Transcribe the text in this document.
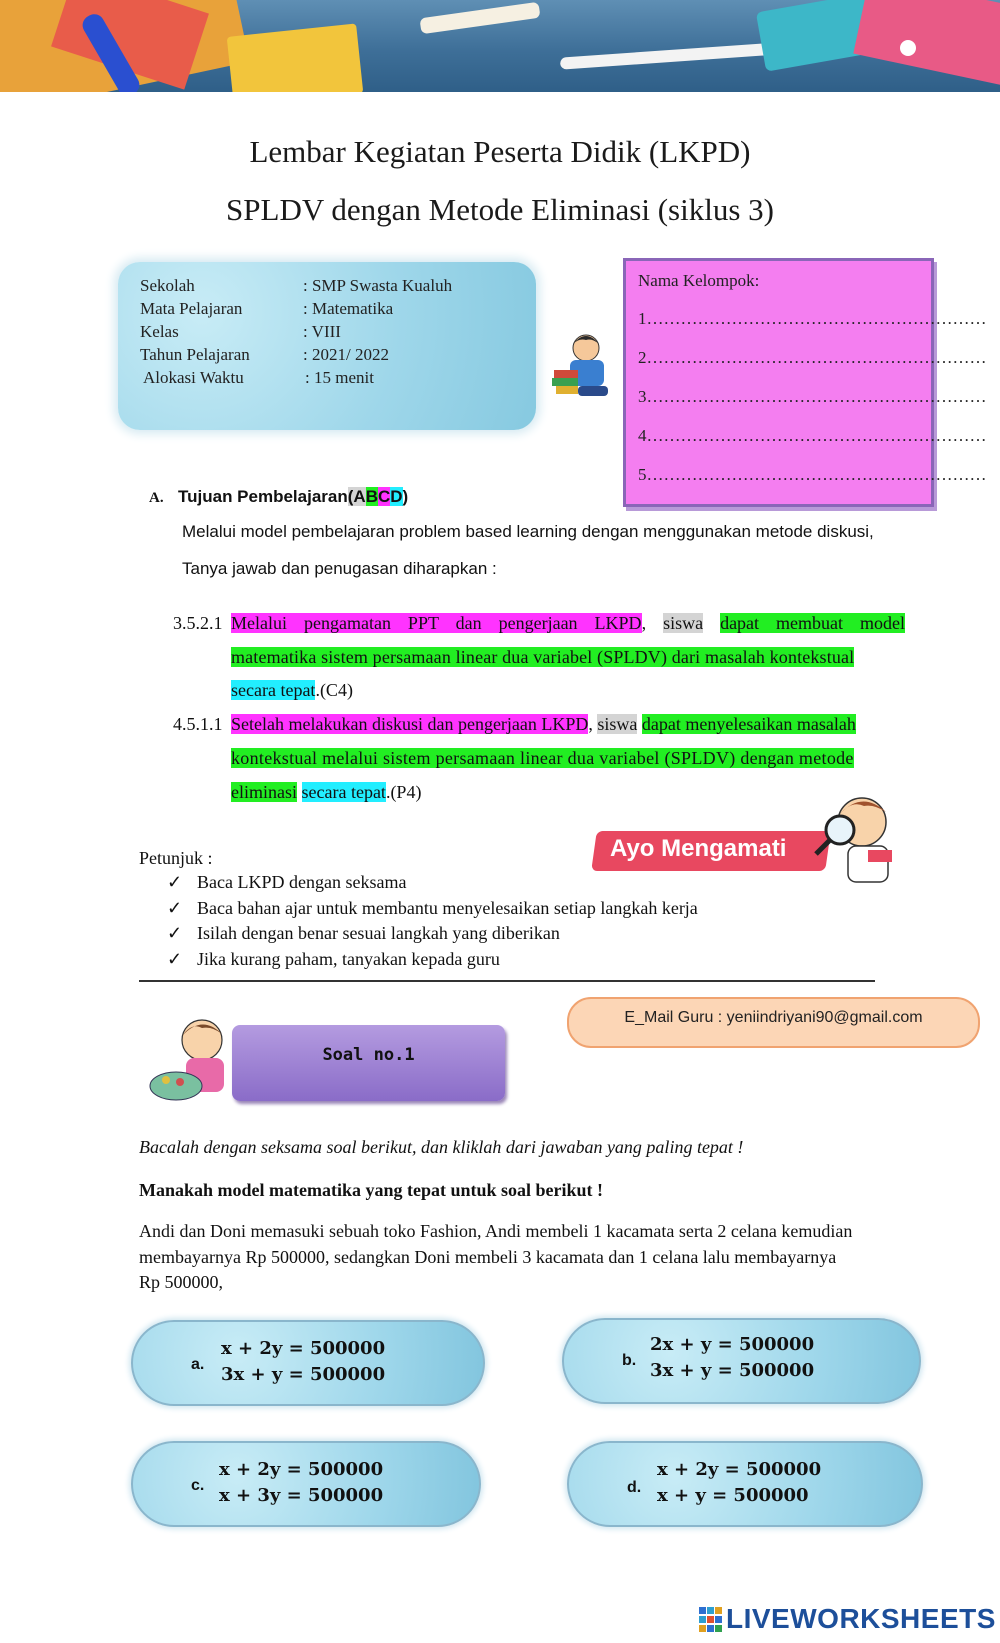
Lembar Kegiatan Peserta Didik (LKPD)
SPLDV dengan Metode Eliminasi (siklus 3)
Sekolah	: SMP Swasta Kualuh
Mata Pelajaran	: Matematika
Kelas	: VIII
Tahun Pelajaran	: 2021/ 2022
Alokasi Waktu	: 15 menit
Nama Kelompok:
1……………………………………………………
2……………………………………………………
3……………………………………………………
4……………………………………………………
5……………………………………………………
A. Tujuan Pembelajaran(ABCD)
Melalui model pembelajaran problem based learning dengan menggunakan metode diskusi,
Tanya jawab dan penugasan diharapkan :
3.5.2.1 Melalui pengamatan PPT dan pengerjaan LKPD, siswa dapat membuat model
matematika sistem persamaan linear dua variabel (SPLDV) dari masalah kontekstual
secara tepat.(C4)
4.5.1.1 Setelah melakukan diskusi dan pengerjaan LKPD, siswa dapat menyelesaikan masalah
kontekstual melalui sistem persamaan linear dua variabel (SPLDV) dengan metode
eliminasi secara tepat.(P4)
Ayo Mengamati
Petunjuk :
✓ Baca LKPD dengan seksama
✓ Baca bahan ajar untuk membantu menyelesaikan setiap langkah kerja
✓ Isilah dengan benar sesuai langkah yang diberikan
✓ Jika kurang paham, tanyakan kepada guru
E_Mail Guru : yeniindriyani90@gmail.com
Soal no.1
Bacalah dengan seksama soal berikut, dan kliklah dari jawaban yang paling tepat !
Manakah model matematika yang tepat untuk soal berikut !
Andi dan Doni memasuki sebuah toko Fashion, Andi membeli 1 kacamata serta 2 celana kemudian
membayarnya Rp 500000, sedangkan Doni membeli 3 kacamata dan 1 celana lalu membayarnya
Rp 500000,
a.
x + 2y = 500000
3x + y = 500000
b.
2x + y = 500000
3x + y = 500000
c.
x + 2y = 500000
x + 3y = 500000	d.
x + 2y = 500000
x + y = 500000
LIVEWORKSHEETS
